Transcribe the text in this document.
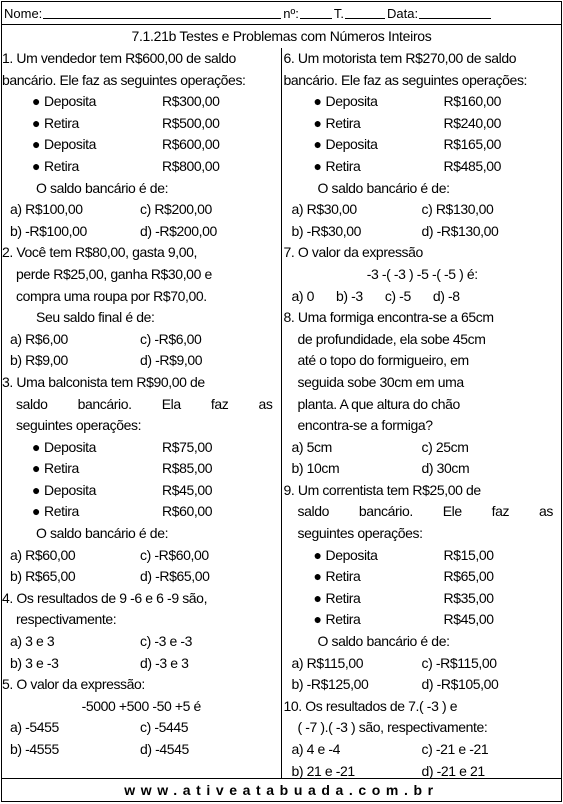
Nome:	nº:	T.	Data:
7.1.21b Testes e Problemas com Números Inteiros
1. Um vendedor tem R$600,00 de saldo
bancário. Ele faz as seguintes operações:
● Deposita	R$300,00
● Retira	R$500,00
● Deposita	R$600,00
● Retira	R$800,00
O saldo bancário é de:
a) R$100,00	c) R$200,00
b) -R$100,00	d) -R$200,00
2. Você tem R$80,00, gasta 9,00,
perde R$25,00, ganha R$30,00 e
compra uma roupa por R$70,00.
Seu saldo final é de:
a) R$6,00	c) -R$6,00
b) R$9,00	d) -R$9,00
3. Uma balconista tem R$90,00 de
saldo bancário. Ela faz as
seguintes operações:
● Deposita	R$75,00
● Retira	R$85,00
● Deposita	R$45,00
● Retira	R$60,00
O saldo bancário é de:
a) R$60,00	c) -R$60,00
b) R$65,00	d) -R$65,00
4. Os resultados de 9 -6 e 6 -9 são,
respectivamente:
a) 3 e 3	c) -3 e -3
b) 3 e -3	d) -3 e 3
5. O valor da expressão:
-5000 +500 -50 +5 é
a) -5455	c) -5445
b) -4555	d) -4545
6. Um motorista tem R$270,00 de saldo
bancário. Ele faz as seguintes operações:
● Deposita	R$160,00
● Retira	R$240,00
● Deposita	R$165,00
● Retira	R$485,00
O saldo bancário é de:
a) R$30,00	c) R$130,00
b) -R$30,00	d) -R$130,00
7. O valor da expressão
-3 -( -3 ) -5 -( -5 ) é:
a) 0 b) -3 c) -5 d) -8
8. Uma formiga encontra-se a 65cm
de profundidade, ela sobe 45cm
até o topo do formigueiro, em
seguida sobe 30cm em uma
planta. A que altura do chão
encontra-se a formiga?
a) 5cm	c) 25cm
b) 10cm	d) 30cm
9. Um correntista tem R$25,00 de
saldo bancário. Ele faz as
seguintes operações:
● Deposita	R$15,00
● Retira	R$65,00
● Retira	R$35,00
● Retira	R$45,00
O saldo bancário é de:
a) R$115,00	c) -R$115,00
b) -R$125,00	d) -R$105,00
10. Os resultados de 7.( -3 ) e
( -7 ).( -3 ) são, respectivamente:
a) 4 e -4	c) -21 e -21
b) 21 e -21	d) -21 e 21
www.ativeatabuada.com.br
